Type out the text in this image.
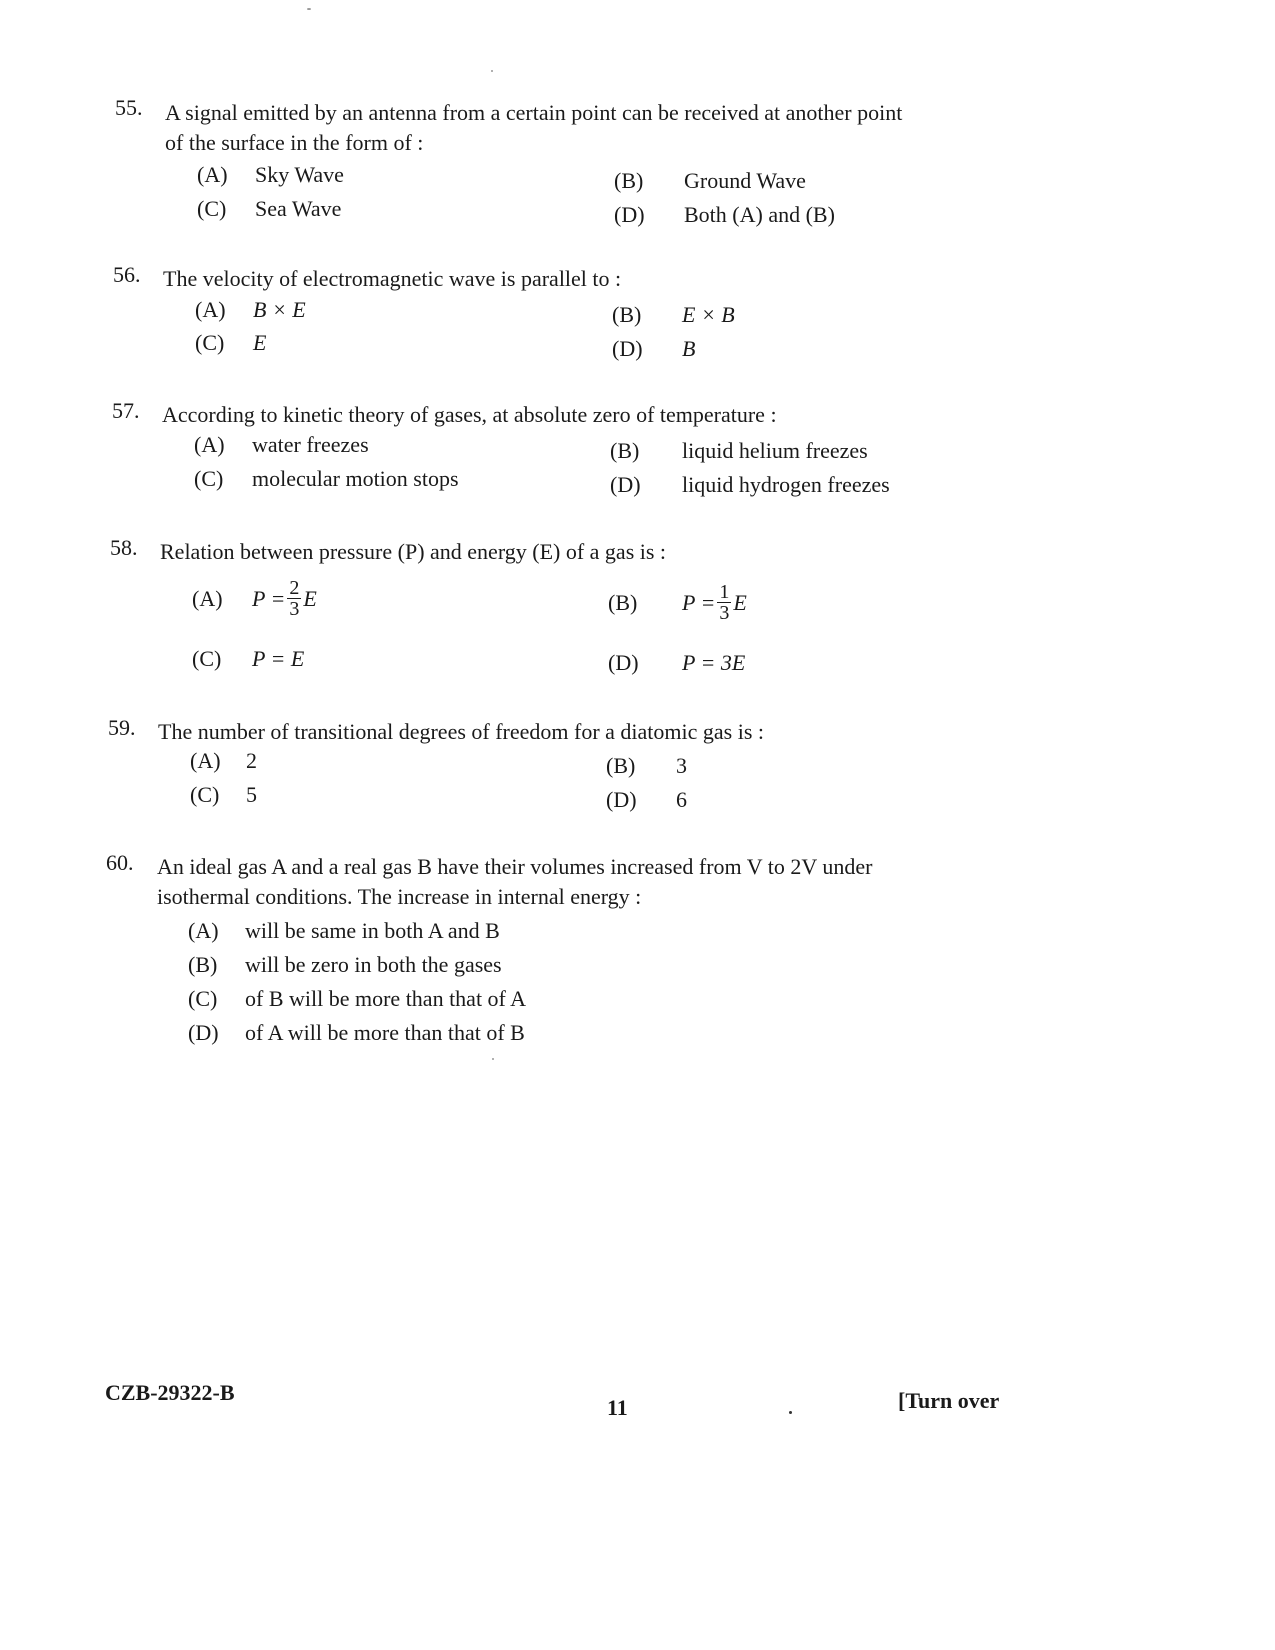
55. A signal emitted by an antenna from a certain point can be received at another point of the surface in the form of :
(A) Sky Wave	(B) Ground Wave
(C) Sea Wave	(D) Both (A) and (B)
56. The velocity of electromagnetic wave is parallel to :
(A) B × E	(B) E × B
(C) E	(D) B
57. According to kinetic theory of gases, at absolute zero of temperature :
(A) water freezes	(B) liquid helium freezes
(C) molecular motion stops	(D) liquid hydrogen freezes
58. Relation between pressure (P) and energy (E) of a gas is :
(A) $P = \frac{2}{3}$ E	(B) $P = \frac{1}{3}$ E
(C) P = E	(D) P = 3E
59. The number of transitional degrees of freedom for a diatomic gas is :
(A) 2	(B) 3
(C) 5	(D) 6
60. An ideal gas A and a real gas B have their volumes increased from V to 2V under isothermal conditions. The increase in internal energy :
(A) will be same in both A and B
(B) will be zero in both the gases
(C) of B will be more than that of A
(D) of A will be more than that of B
CZB-29322-B
11	[Turn over
